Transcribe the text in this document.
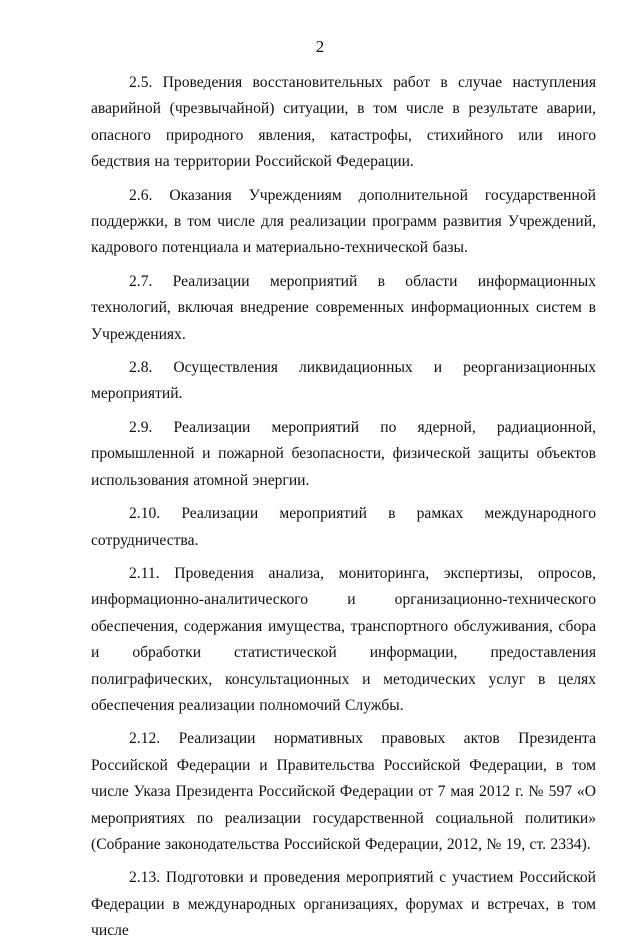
2

2.5. Проведения восстановительных работ в случае наступления аварийной (чрезвычайной) ситуации, в том числе в результате аварии, опасного природного явления, катастрофы, стихийного или иного бедствия на территории Российской Федерации.

2.6. Оказания Учреждениям дополнительной государственной поддержки, в том числе для реализации программ развития Учреждений, кадрового потенциала и материально-технической базы.

2.7. Реализации мероприятий в области информационных технологий, включая внедрение современных информационных систем в Учреждениях.

2.8. Осуществления ликвидационных и реорганизационных мероприятий.

2.9. Реализации мероприятий по ядерной, радиационной, промышленной и пожарной безопасности, физической защиты объектов использования атомной энергии.

2.10. Реализации мероприятий в рамках международного сотрудничества.

2.11. Проведения анализа, мониторинга, экспертизы, опросов, информационно-аналитического и организационно-технического обеспечения, содержания имущества, транспортного обслуживания, сбора и обработки статистической информации, предоставления полиграфических, консультационных и методических услуг в целях обеспечения реализации полномочий Службы.

2.12. Реализации нормативных правовых актов Президента Российской Федерации и Правительства Российской Федерации, в том числе Указа Президента Российской Федерации от 7 мая 2012 г. № 597 «О мероприятиях по реализации государственной социальной политики» (Собрание законодательства Российской Федерации, 2012, № 19, ст. 2334).

2.13. Подготовки и проведения мероприятий с участием Российской Федерации в международных организациях, форумах и встречах, в том числе
